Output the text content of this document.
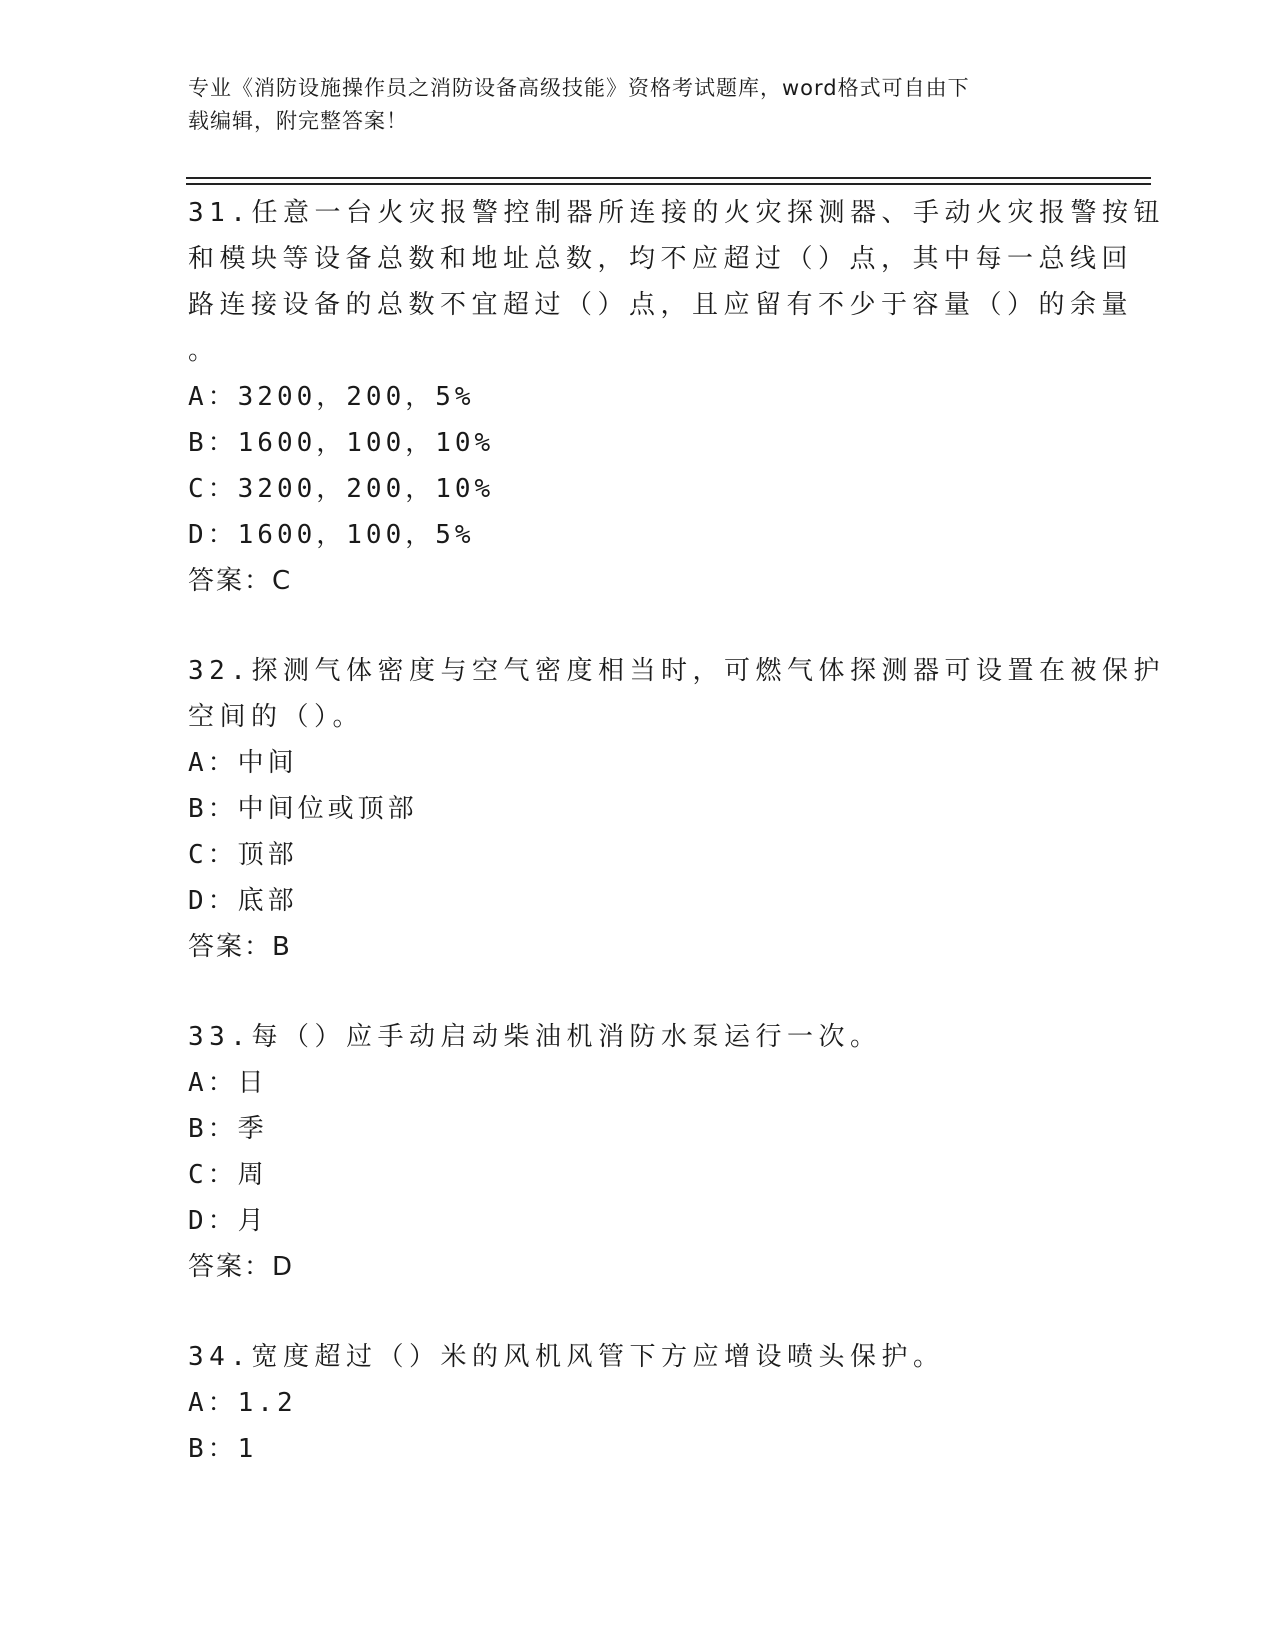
专业《消防设施操作员之消防设备高级技能》资格考试题库，word格式可自由下
载编辑，附完整答案！
31.任意一台火灾报警控制器所连接的火灾探测器、手动火灾报警按钮
和模块等设备总数和地址总数，均不应超过（）点，其中每一总线回
路连接设备的总数不宜超过（）点，且应留有不少于容量（）的余量
。
A：3200，200，5%
B：1600，100，10%
C：3200，200，10%
D：1600，100，5%
答案：C
32.探测气体密度与空气密度相当时，可燃气体探测器可设置在被保护
空间的（）。
A：中间
B：中间位或顶部
C：顶部
D：底部
答案：B
33.每（）应手动启动柴油机消防水泵运行一次。
A：日
B：季
C：周
D：月
答案：D
34.宽度超过（）米的风机风管下方应增设喷头保护。
A：1.2
B：1
